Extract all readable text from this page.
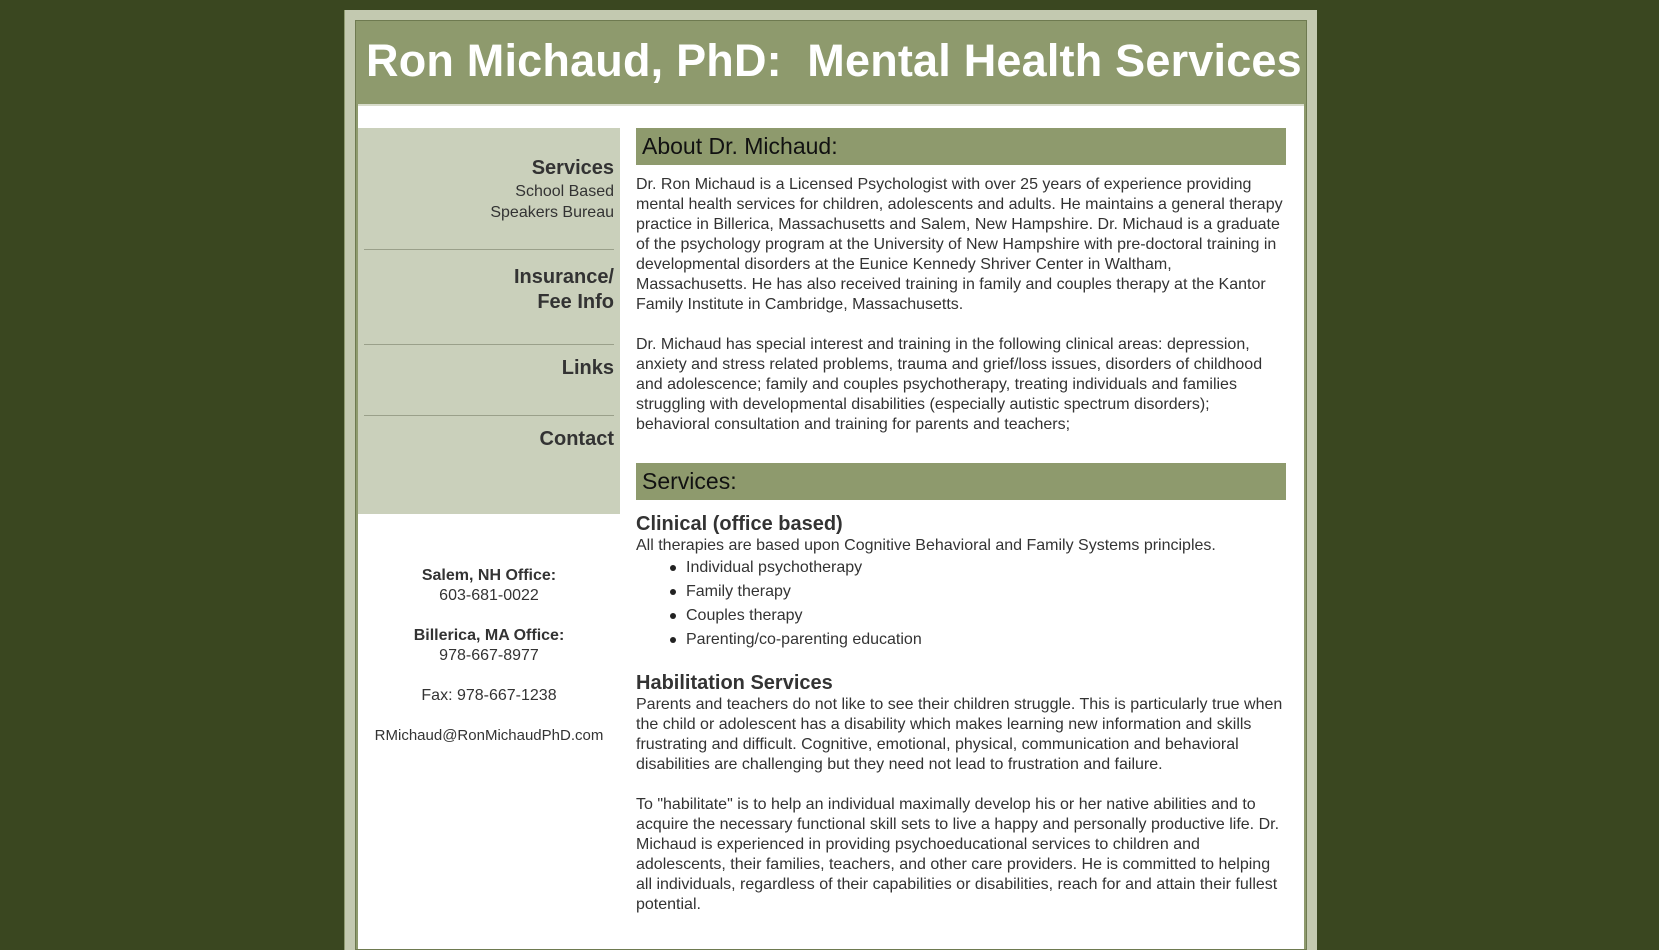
Ron Michaud, PhD:  Mental Health Services
Services
School Based
Speakers Bureau
Insurance/
Fee Info
Links
Contact
Salem, NH Office:
603-681-0022
Billerica, MA Office:
978-667-8977
Fax: 978-667-1238
RMichaud@RonMichaudPhD.com
About Dr. Michaud:

Dr. Ron Michaud is a Licensed Psychologist with over 25 years of experience providing mental health services for children, adolescents and adults. He maintains a general therapy practice in Billerica, Massachusetts and Salem, New Hampshire. Dr. Michaud is a graduate of the psychology program at the University of New Hampshire with pre-doctoral training in developmental disorders at the Eunice Kennedy Shriver Center in Waltham, Massachusetts. He has also received training in family and couples therapy at the Kantor Family Institute in Cambridge, Massachusetts.

Dr. Michaud has special interest and training in the following clinical areas: depression, anxiety and stress related problems, trauma and grief/loss issues, disorders of childhood and adolescence; family and couples psychotherapy, treating individuals and families struggling with developmental disabilities (especially autistic spectrum disorders); behavioral consultation and training for parents and teachers;

Services:
Clinical (office based)

All therapies are based upon Cognitive Behavioral and Family Systems principles.

Individual psychotherapy
Family therapy
Couples therapy
Parenting/co-parenting education
Habilitation Services

Parents and teachers do not like to see their children struggle. This is particularly true when the child or adolescent has a disability which makes learning new information and skills frustrating and difficult. Cognitive, emotional, physical, communication and behavioral disabilities are challenging but they need not lead to frustration and failure.

To "habilitate" is to help an individual maximally develop his or her native abilities and to acquire the necessary functional skill sets to live a happy and personally productive life. Dr. Michaud is experienced in providing psychoeducational services to children and adolescents, their families, teachers, and other care providers. He is committed to helping all individuals, regardless of their capabilities or disabilities, reach for and attain their fullest potential.
